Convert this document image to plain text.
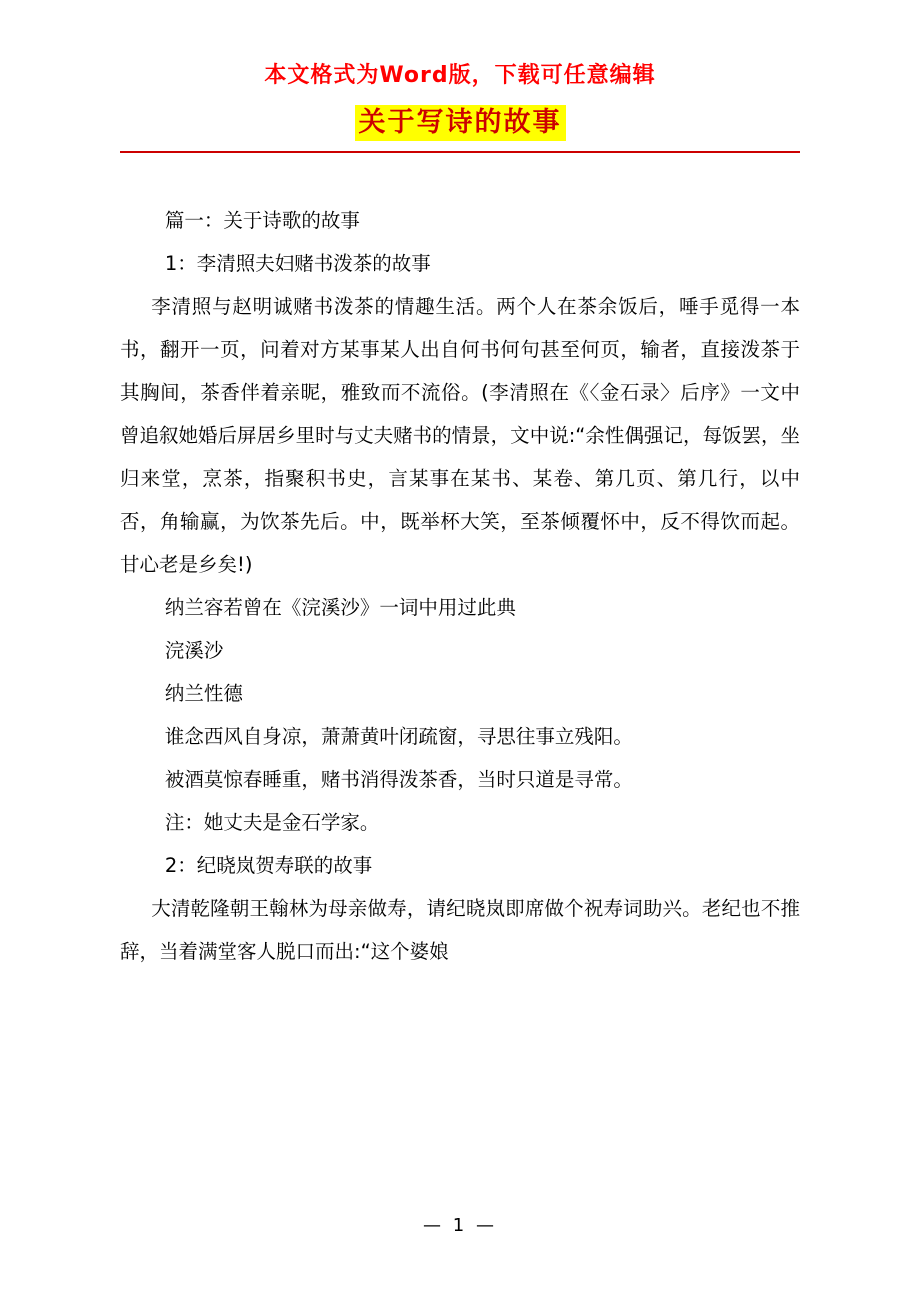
本文格式为Word版，下载可任意编辑
关于写诗的故事

篇一：关于诗歌的故事

1：李清照夫妇赌书泼茶的故事

李清照与赵明诚赌书泼茶的情趣生活。两个人在茶余饭后，唾手觅得一本书，翻开一页，问着对方某事某人出自何书何句甚至何页，输者，直接泼茶于其胸间，茶香伴着亲昵，雅致而不流俗。(李清照在《〈金石录〉后序》一文中曾追叙她婚后屏居乡里时与丈夫赌书的情景，文中说:“余性偶强记，每饭罢，坐归来堂，烹茶，指聚积书史，言某事在某书、某卷、第几页、第几行，以中否，角输赢，为饮茶先后。中，既举杯大笑，至茶倾覆怀中，反不得饮而起。甘心老是乡矣!)

纳兰容若曾在《浣溪沙》一词中用过此典

浣溪沙

纳兰性德

谁念西风自身凉，萧萧黄叶闭疏窗，寻思往事立残阳。

被酒莫惊春睡重，赌书消得泼茶香，当时只道是寻常。

注：她丈夫是金石学家。

2：纪晓岚贺寿联的故事

大清乾隆朝王翰林为母亲做寿，请纪晓岚即席做个祝寿词助兴。老纪也不推辞，当着满堂客人脱口而出:“这个婆娘

— 1 —
